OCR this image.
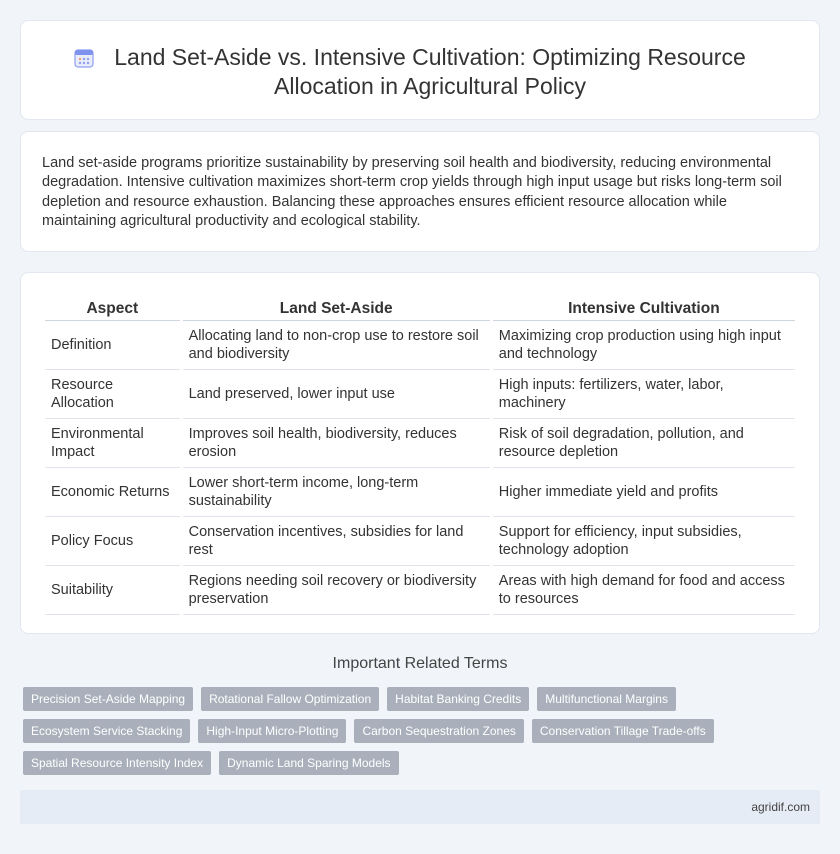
Land Set-Aside vs. Intensive Cultivation: Optimizing Resource Allocation in Agricultural Policy

Land set-aside programs prioritize sustainability by preserving soil health and biodiversity, reducing environmental degradation. Intensive cultivation maximizes short-term crop yields through high input usage but risks long-term soil depletion and resource exhaustion. Balancing these approaches ensures efficient resource allocation while maintaining agricultural productivity and ecological stability.

Aspect	Land Set-Aside	Intensive Cultivation
Definition	Allocating land to non-crop use to restore soil and biodiversity	Maximizing crop production using high input and technology
Resource Allocation	Land preserved, lower input use	High inputs: fertilizers, water, labor, machinery
Environmental Impact	Improves soil health, biodiversity, reduces erosion	Risk of soil degradation, pollution, and resource depletion
Economic Returns	Lower short-term income, long-term sustainability	Higher immediate yield and profits
Policy Focus	Conservation incentives, subsidies for land rest	Support for efficiency, input subsidies, technology adoption
Suitability	Regions needing soil recovery or biodiversity preservation	Areas with high demand for food and access to resources
Important Related Terms
Precision Set-Aside Mapping	Rotational Fallow Optimization	Habitat Banking Credits	Multifunctional Margins
Ecosystem Service Stacking	High-Input Micro-Plotting	Carbon Sequestration Zones	Conservation Tillage Trade-offs
Spatial Resource Intensity Index	Dynamic Land Sparing Models
agridif.com
